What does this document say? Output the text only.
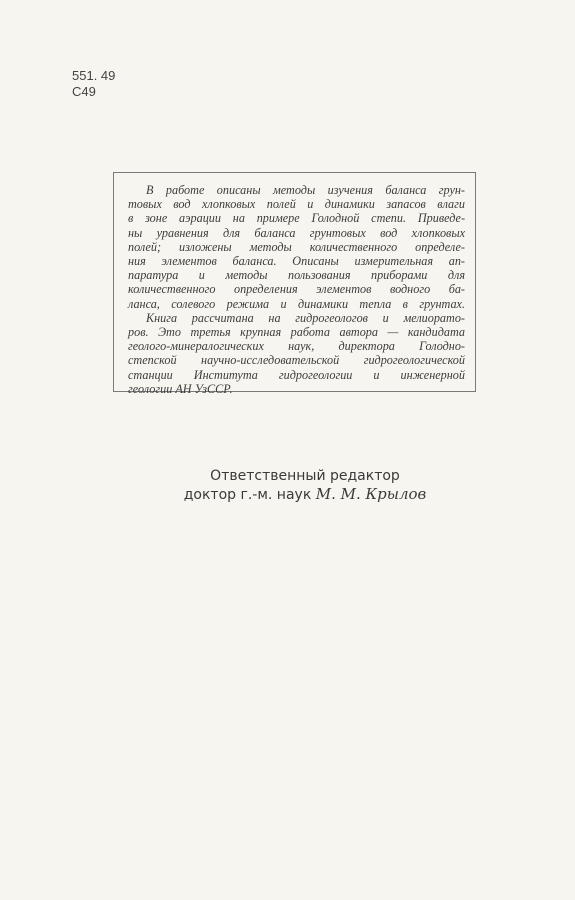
551. 49
С49
В работе описаны методы изучения баланса грун-
товых вод хлопковых полей и динамики запасов влаги
в зоне аэрации на примере Голодной степи. Приведе-
ны уравнения для баланса грунтовых вод хлопковых
полей; изложены методы количественного определе-
ния элементов баланса. Описаны измерительная ап-
паратура и методы пользования приборами для
количественного определения элементов водного ба-
ланса, солевого режима и динамики тепла в грунтах.
Книга рассчитана на гидрогеологов и мелиорато-
ров. Это третья крупная работа автора — кандидата
геолого-минералогических наук, директора Голодно-
степской научно-исследовательской гидрогеологической
станции Института гидрогеологии и инженерной
геологии АН УзССР.
Ответственный редактор
доктор г.-м. наук М. М. Крылов
